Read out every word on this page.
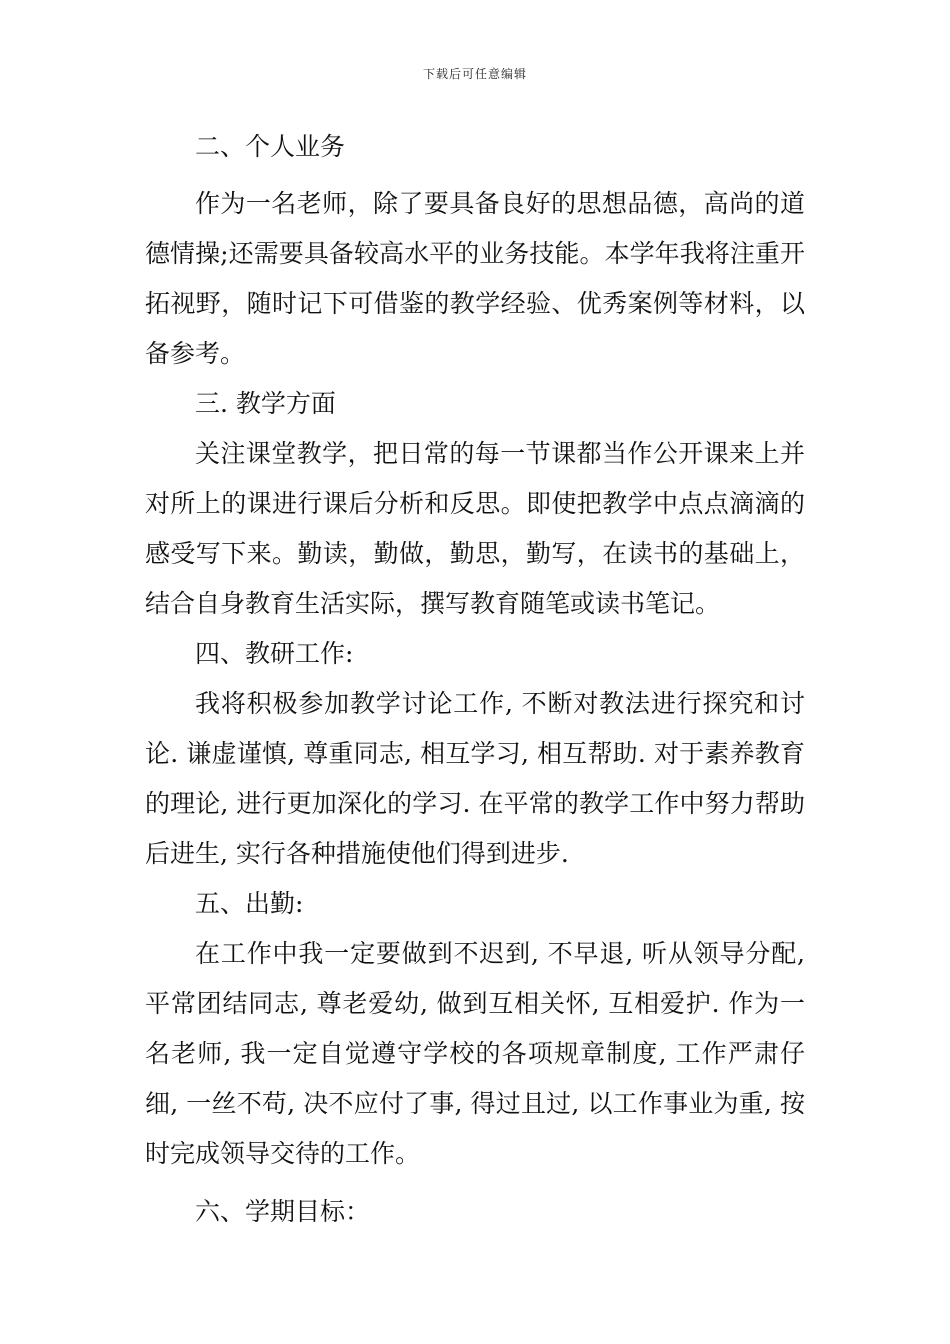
下载后可任意编辑

二、个人业务

作为一名老师，除了要具备良好的思想品德，高尚的道德情操;还需要具备较高水平的业务技能。本学年我将注重开拓视野，随时记下可借鉴的教学经验、优秀案例等材料，以备参考。

三. 教学方面

关注课堂教学，把日常的每一节课都当作公开课来上并对所上的课进行课后分析和反思。即使把教学中点点滴滴的感受写下来。勤读，勤做，勤思，勤写，在读书的基础上，结合自身教育生活实际，撰写教育随笔或读书笔记。

四、教研工作:

我将积极参加教学讨论工作, 不断对教法进行探究和讨论. 谦虚谨慎, 尊重同志, 相互学习, 相互帮助. 对于素养教育的理论, 进行更加深化的学习. 在平常的教学工作中努力帮助后进生, 实行各种措施使他们得到进步.

五、出勤:

在工作中我一定要做到不迟到, 不早退, 听从领导分配, 平常团结同志, 尊老爱幼, 做到互相关怀, 互相爱护. 作为一名老师, 我一定自觉遵守学校的各项规章制度, 工作严肃仔细, 一丝不苟, 决不应付了事, 得过且过, 以工作事业为重, 按时完成领导交待的工作。

六、学期目标：
